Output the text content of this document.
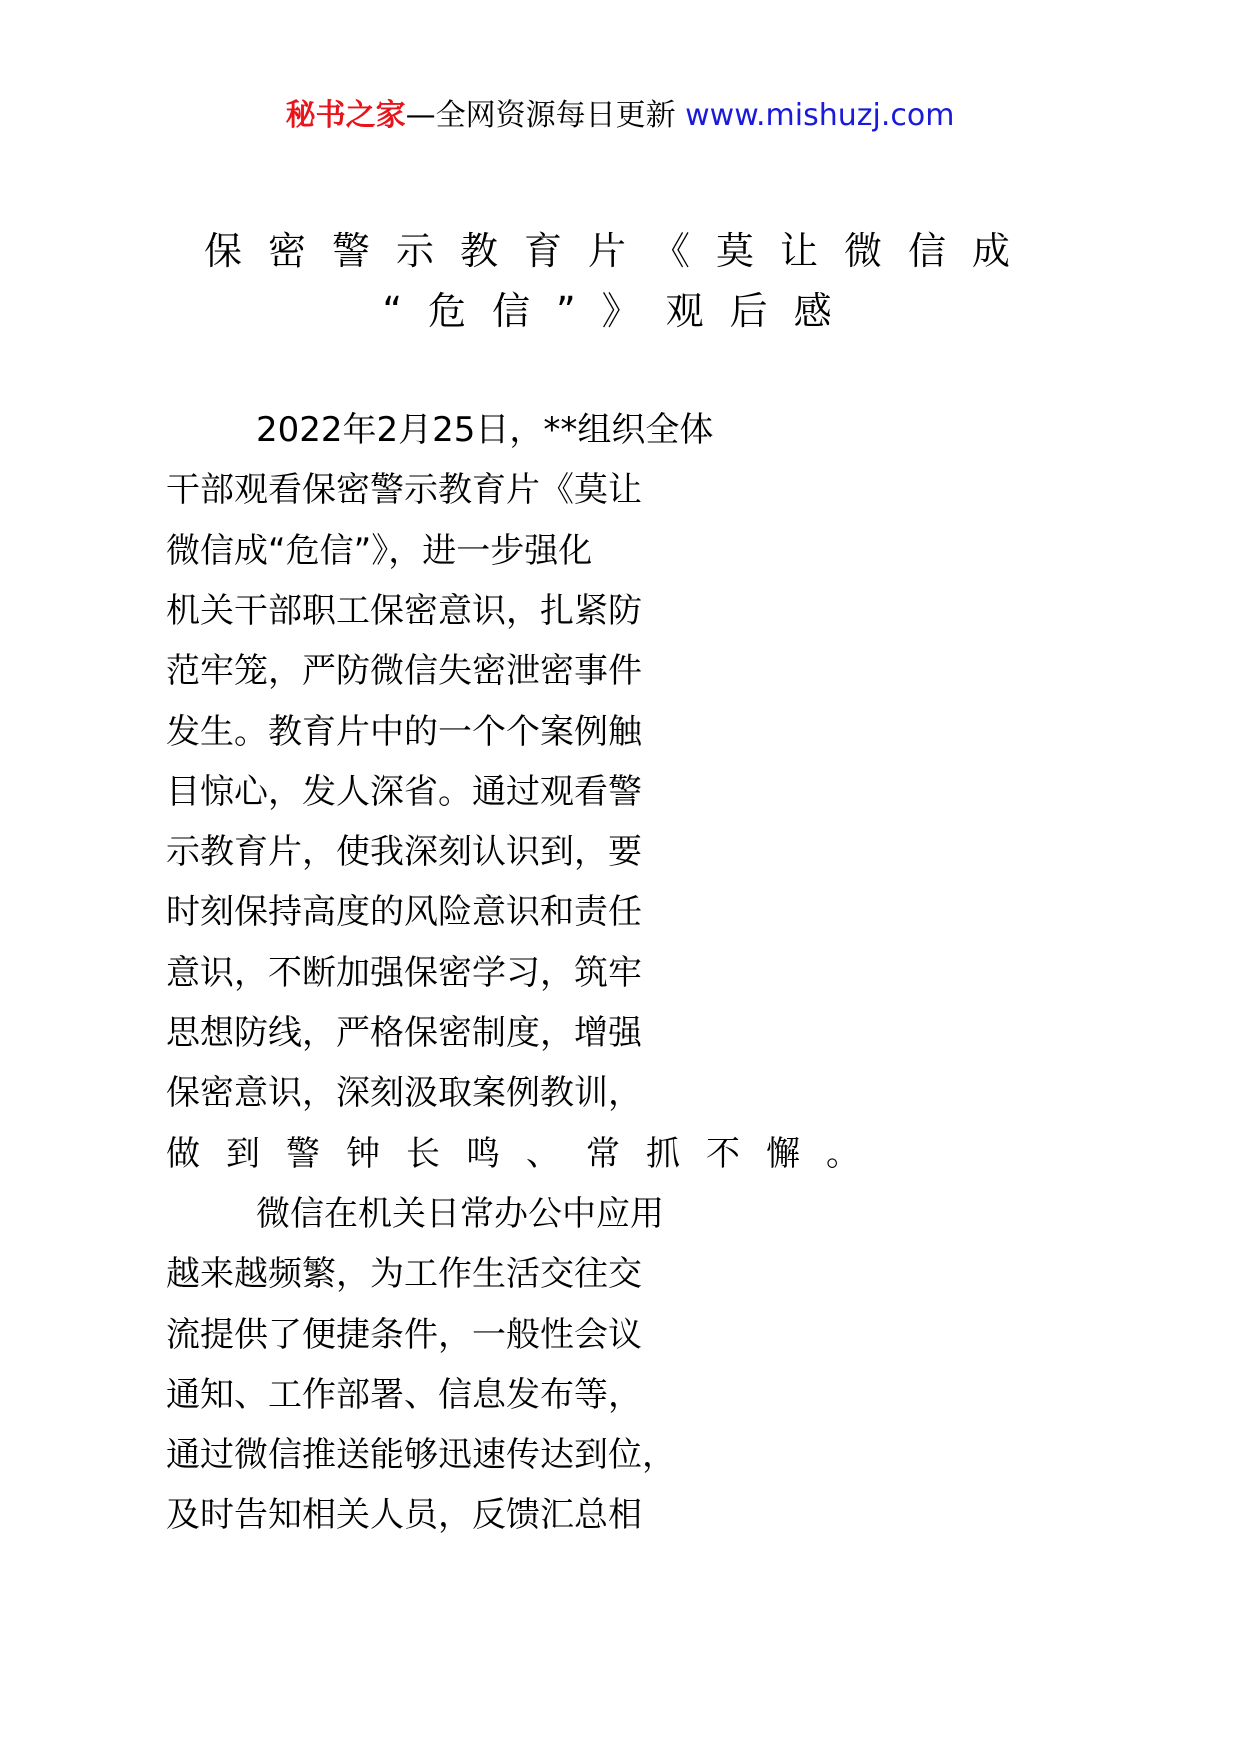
秘书之家—全网资源每日更新 www.mishuzj.com
保密警示教育片《莫让微信成
“危信”》观后感
2022年2月25日，**组织全体
干部观看保密警示教育片《莫让
微信成“危信”》，进一步强化
机关干部职工保密意识，扎紧防
范牢笼，严防微信失密泄密事件
发生。教育片中的一个个案例触
目惊心，发人深省。通过观看警
示教育片，使我深刻认识到，要
时刻保持高度的风险意识和责任
意识，不断加强保密学习，筑牢
思想防线，严格保密制度，增强
保密意识，深刻汲取案例教训，
做到警钟长鸣、常抓不懈。
微信在机关日常办公中应用
越来越频繁，为工作生活交往交
流提供了便捷条件，一般性会议
通知、工作部署、信息发布等，
通过微信推送能够迅速传达到位，
及时告知相关人员，反馈汇总相
